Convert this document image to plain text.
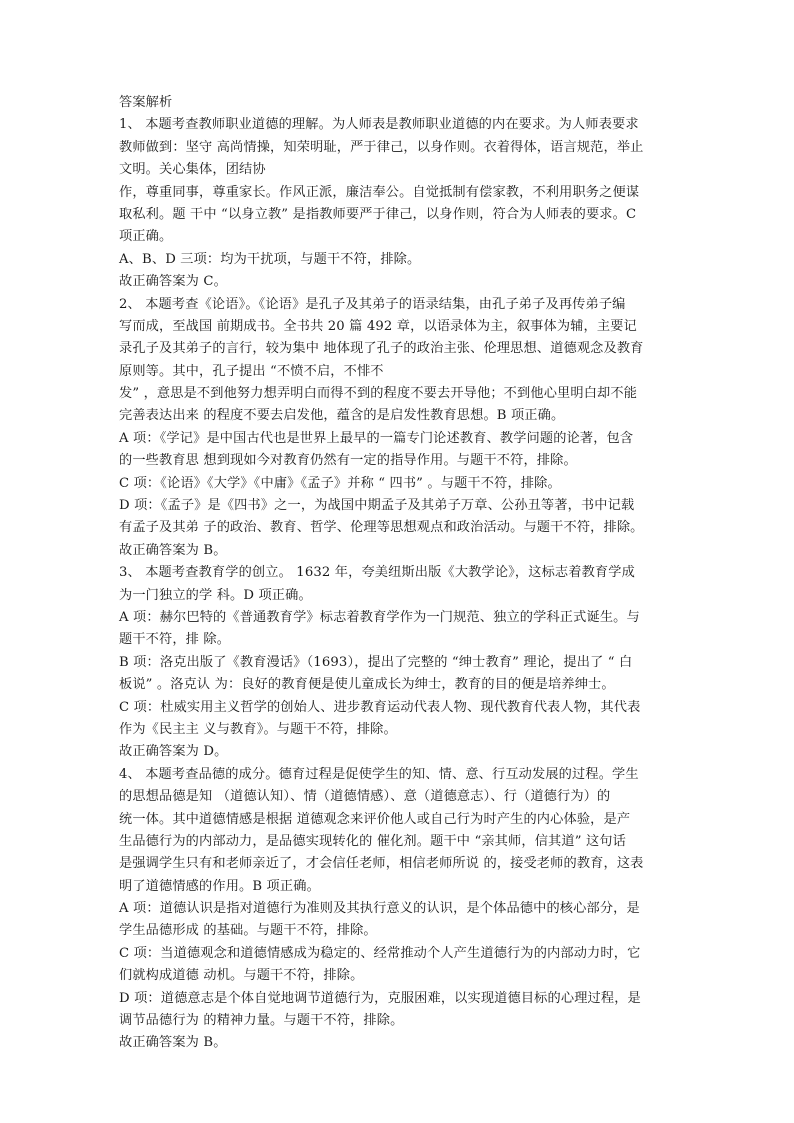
答案解析
1、 本题考查教师职业道德的理解。为人师表是教师职业道德的内在要求。为人师表要求
教师做到：坚守 高尚情操，知荣明耻，严于律己，以身作则。衣着得体，语言规范，举止
文明。关心集体，团结协
作，尊重同事，尊重家长。作风正派，廉洁奉公。自觉抵制有偿家教，不利用职务之便谋
取私利。题 干中 “以身立教” 是指教师要严于律己，以身作则，符合为人师表的要求。C
项正确。
A、B、D 三项：均为干扰项，与题干不符，排除。
故正确答案为 C。
2、 本题考查《论语》。《论语》是孔子及其弟子的语录结集，由孔子弟子及再传弟子编
写而成，至战国 前期成书。全书共 20 篇 492 章，以语录体为主，叙事体为辅，主要记
录孔子及其弟子的言行，较为集中 地体现了孔子的政治主张、伦理思想、道德观念及教育
原则等。其中，孔子提出 “不愤不启，不悱不
发” ，意思是不到他努力想弄明白而得不到的程度不要去开导他；不到他心里明白却不能
完善表达出来 的程度不要去启发他，蕴含的是启发性教育思想。B 项正确。
A 项：《学记》是中国古代也是世界上最早的一篇专门论述教育、教学问题的论著，包含
的一些教育思 想到现如今对教育仍然有一定的指导作用。与题干不符，排除。
C 项：《论语》《大学》《中庸》《孟子》并称 “ 四书” 。与题干不符，排除。
D 项：《孟子》是《四书》之一，为战国中期孟子及其弟子万章、公孙丑等著，书中记载
有孟子及其弟 子的政治、教育、哲学、伦理等思想观点和政治活动。与题干不符，排除。
故正确答案为 B。
3、 本题考查教育学的创立。 1632 年，夸美纽斯出版《大教学论》，这标志着教育学成
为一门独立的学 科。D 项正确。
A 项：赫尔巴特的《普通教育学》标志着教育学作为一门规范、独立的学科正式诞生。与
题干不符，排 除。
B 项：洛克出版了《教育漫话》（1693），提出了完整的 “绅士教育” 理论，提出了 “ 白
板说” 。洛克认 为：良好的教育便是使儿童成长为绅士，教育的目的便是培养绅士。
C 项：杜威实用主义哲学的创始人、进步教育运动代表人物、现代教育代表人物，其代表
作为《民主主 义与教育》。与题干不符，排除。
故正确答案为 D。
4、 本题考查品德的成分。德育过程是促使学生的知、情、意、行互动发展的过程。学生
的思想品德是知 （道德认知）、情（道德情感）、意（道德意志）、行（道德行为）的
统一体。其中道德情感是根据 道德观念来评价他人或自己行为时产生的内心体验，是产
生品德行为的内部动力，是品德实现转化的 催化剂。题干中 “亲其师，信其道” 这句话
是强调学生只有和老师亲近了，才会信任老师，相信老师所说 的，接受老师的教育，这表
明了道德情感的作用。B 项正确。
A 项：道德认识是指对道德行为准则及其执行意义的认识，是个体品德中的核心部分，是
学生品德形成 的基础。与题干不符，排除。
C 项：当道德观念和道德情感成为稳定的、经常推动个人产生道德行为的内部动力时，它
们就构成道德 动机。与题干不符，排除。
D 项：道德意志是个体自觉地调节道德行为，克服困难，以实现道德目标的心理过程，是
调节品德行为 的精神力量。与题干不符，排除。
故正确答案为 B。
